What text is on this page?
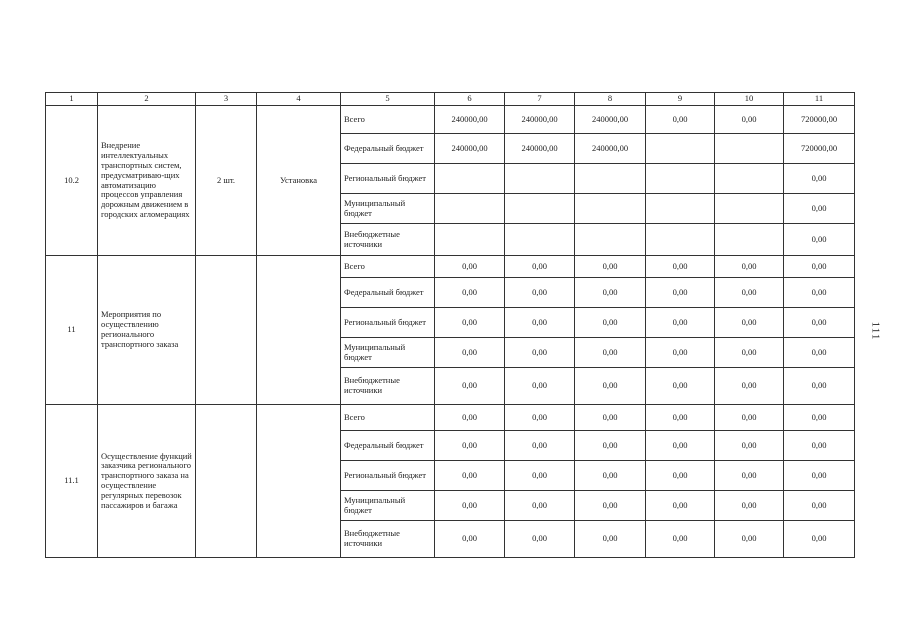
1	2	3	4	5	6	7	8	9	10	11
10.2	Внедрение интеллектуальных транспортных систем, предусматриваю-щих автоматизацию процессов управления дорожным движением в городских агломерациях	2 шт.	Установка	Всего	240000,00	240000,00	240000,00	0,00	0,00	720000,00
				Федеральный бюджет	240000,00	240000,00	240000,00			720000,00
				Региональный бюджет						0,00
				Муниципальный бюджет						0,00
				Внебюджетные источники						0,00
11	Мероприятия по осуществлению регионального транспортного заказа			Всего	0,00	0,00	0,00	0,00	0,00	0,00
				Федеральный бюджет	0,00	0,00	0,00	0,00	0,00	0,00
				Региональный бюджет	0,00	0,00	0,00	0,00	0,00	0,00
				Муниципальный бюджет	0,00	0,00	0,00	0,00	0,00	0,00
				Внебюджетные источники	0,00	0,00	0,00	0,00	0,00	0,00
11.1	Осуществление функций заказчика регионального транспортного заказа на осуществление регулярных перевозок пассажиров и багажа			Всего	0,00	0,00	0,00	0,00	0,00	0,00
				Федеральный бюджет	0,00	0,00	0,00	0,00	0,00	0,00
				Региональный бюджет	0,00	0,00	0,00	0,00	0,00	0,00
				Муниципальный бюджет	0,00	0,00	0,00	0,00	0,00	0,00
				Внебюджетные источники	0,00	0,00	0,00	0,00	0,00	0,00
111
